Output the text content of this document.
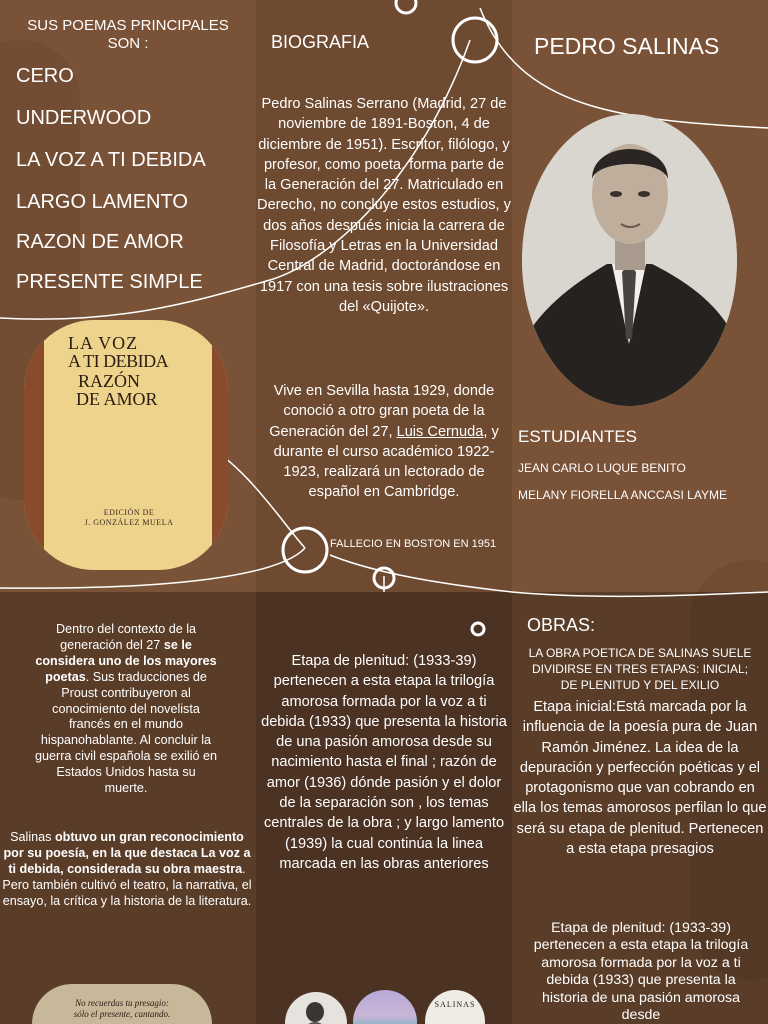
SUS POEMAS PRINCIPALES SON :
CERO
UNDERWOOD
LA VOZ A TI DEBIDA
LARGO LAMENTO
RAZON DE AMOR
PRESENTE SIMPLE
LA VOZ
A TI DEBIDA
RAZÓN
DE AMOR
EDICIÓN DE
J. GONZÁLEZ MUELA
BIOGRAFIA
Pedro Salinas Serrano (Madrid, 27 de noviembre de 1891-Boston, 4 de diciembre de 1951). Escritor, filólogo, y profesor, como poeta. forma parte de la Generación del 27. Matriculado en Derecho, no concluye estos estudios, y dos años después inicia la carrera de Filosofía y Letras en la Universidad Central de Madrid, doctorándose en 1917 con una tesis sobre ilustraciones del «Quijote».
Vive en Sevilla hasta 1929, donde conoció a otro gran poeta de la Generación del 27, Luis Cernuda, y durante el curso académico 1922-1923, realizará un lectorado de español en Cambridge.
FALLECIO EN BOSTON EN 1951
PEDRO SALINAS
ESTUDIANTES
JEAN CARLO LUQUE BENITO
MELANY FIORELLA ANCCASI LAYME
Dentro del contexto de la generación del 27 se le considera uno de los mayores poetas. Sus traducciones de Proust contribuyeron al conocimiento del novelista francés en el mundo hispanohablante. Al concluir la guerra civil española se exilió en Estados Unidos hasta su muerte.
Salinas obtuvo un gran reconocimiento por su poesía, en la que destaca La voz a ti debida, considerada su obra maestra. Pero también cultivó el teatro, la narrativa, el ensayo, la crítica y la historia de la literatura.
No recuerdas tu presagio:
sólo el presente, cantando.
Etapa de plenitud: (1933-39) pertenecen a esta etapa la trilogía amorosa formada por la voz a ti debida (1933) que presenta la historia de una pasión amorosa desde su nacimiento hasta el final ; razón de amor (1936) dónde pasión y el dolor de la separación son , los temas centrales de la obra ; y largo lamento (1939) la cual continúa la linea marcada en las obras anteriores
SALINAS
OBRAS:
LA OBRA POETICA DE SALINAS SUELE DIVIDIRSE EN TRES ETAPAS: INICIAL; DE PLENITUD Y DEL EXILIO
Etapa inicial:Está marcada por la influencia de la poesía pura de Juan Ramón Jiménez. La idea de la depuración y perfección poéticas y el protagonismo que van cobrando en ella los temas amorosos perfilan lo que será su etapa de plenitud. Pertenecen a esta etapa presagios
Etapa de plenitud: (1933-39) pertenecen a esta etapa la trilogía amorosa formada por la voz a ti debida (1933) que presenta la historia de una pasión amorosa desde
